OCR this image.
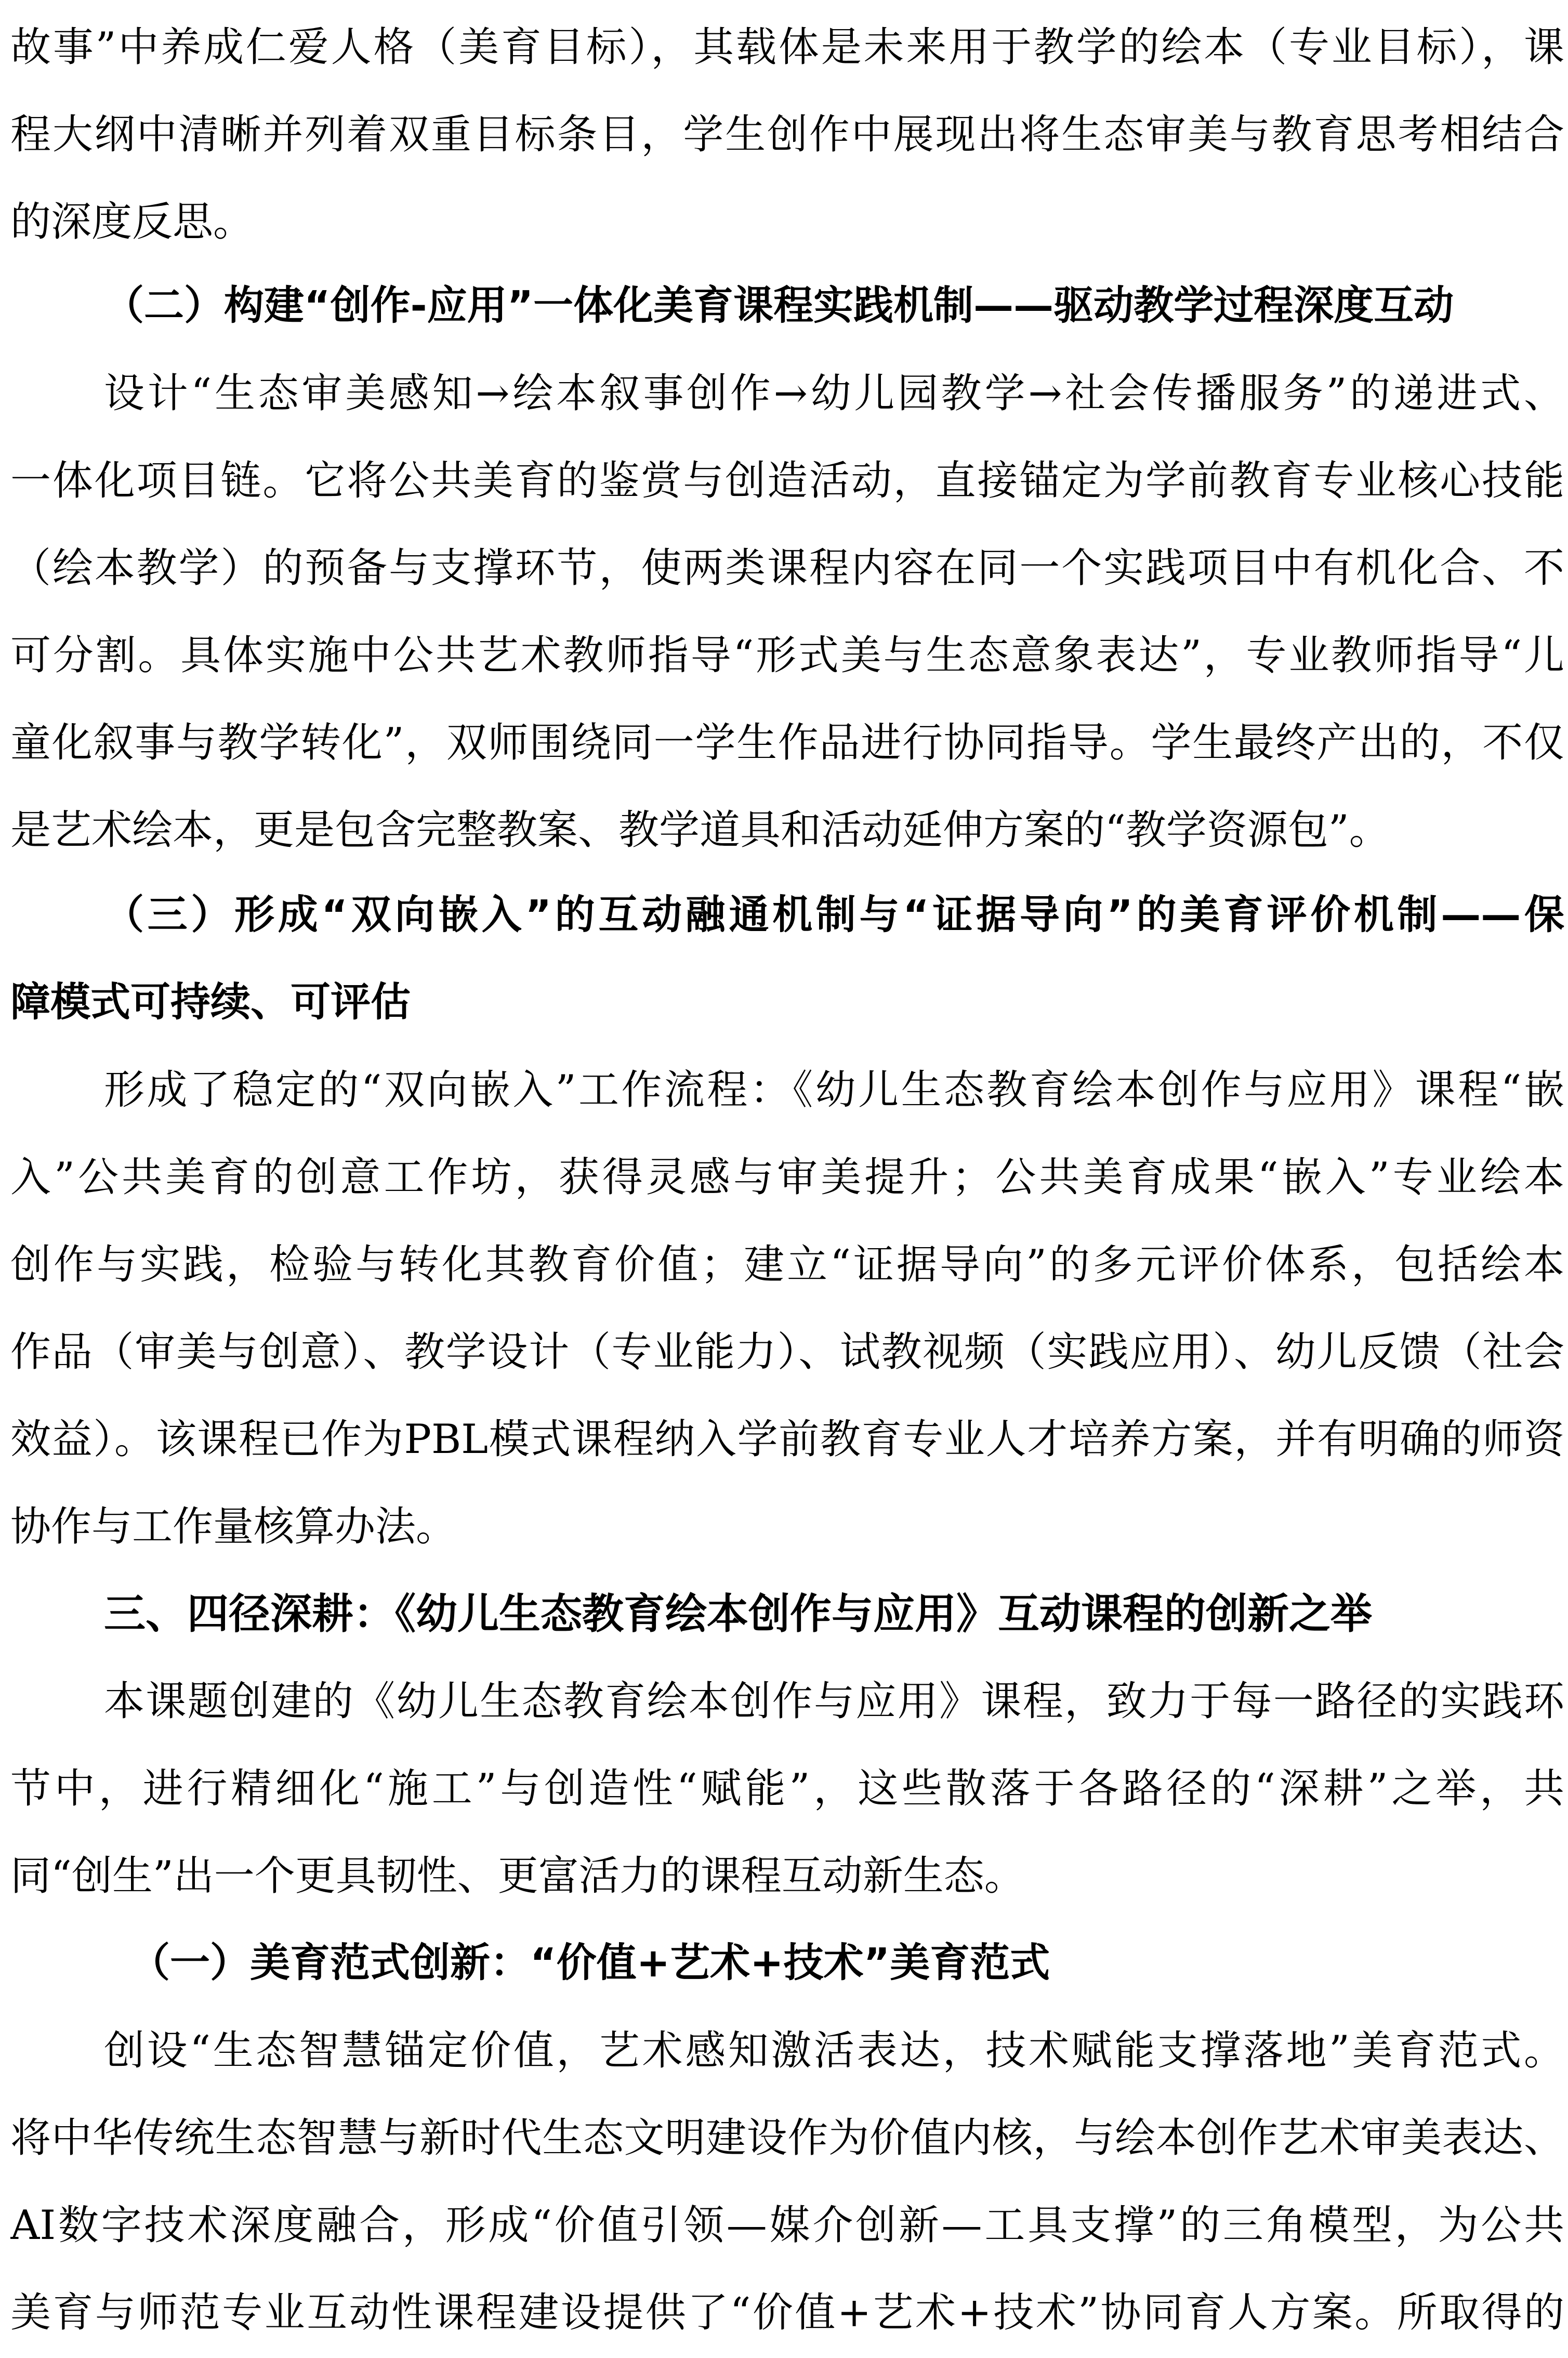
故事”中养成仁爱人格（美育目标），其载体是未来用于教学的绘本（专业目标），课
程大纲中清晰并列着双重目标条目，学生创作中展现出将生态审美与教育思考相结合
的深度反思。
（二）构建“创作-应用”一体化美育课程实践机制——驱动教学过程深度互动
设计“生态审美感知→绘本叙事创作→幼儿园教学→社会传播服务”的递进式、
一体化项目链。它将公共美育的鉴赏与创造活动，直接锚定为学前教育专业核心技能
（绘本教学）的预备与支撑环节，使两类课程内容在同一个实践项目中有机化合、不
可分割。具体实施中公共艺术教师指导“形式美与生态意象表达”，专业教师指导“儿
童化叙事与教学转化”，双师围绕同一学生作品进行协同指导。学生最终产出的，不仅
是艺术绘本，更是包含完整教案、教学道具和活动延伸方案的“教学资源包”。
（三）形成“双向嵌入”的互动融通机制与“证据导向”的美育评价机制——保
障模式可持续、可评估
形成了稳定的“双向嵌入”工作流程：《幼儿生态教育绘本创作与应用》课程“嵌
入”公共美育的创意工作坊，获得灵感与审美提升；公共美育成果“嵌入”专业绘本
创作与实践，检验与转化其教育价值；建立“证据导向”的多元评价体系，包括绘本
作品（审美与创意）、教学设计（专业能力）、试教视频（实践应用）、幼儿反馈（社会
效益）。该课程已作为PBL模式课程纳入学前教育专业人才培养方案，并有明确的师资
协作与工作量核算办法。
三、四径深耕：《幼儿生态教育绘本创作与应用》互动课程的创新之举
本课题创建的《幼儿生态教育绘本创作与应用》课程，致力于每一路径的实践环
节中，进行精细化“施工”与创造性“赋能”，这些散落于各路径的“深耕”之举，共
同“创生”出一个更具韧性、更富活力的课程互动新生态。
（一）美育范式创新：“价值+艺术+技术”美育范式
创设“生态智慧锚定价值，艺术感知激活表达，技术赋能支撑落地”美育范式。
将中华传统生态智慧与新时代生态文明建设作为价值内核，与绘本创作艺术审美表达、
AI数字技术深度融合，形成“价值引领—媒介创新—工具支撑”的三角模型，为公共
美育与师范专业互动性课程建设提供了“价值+艺术+技术”协同育人方案。所取得的
